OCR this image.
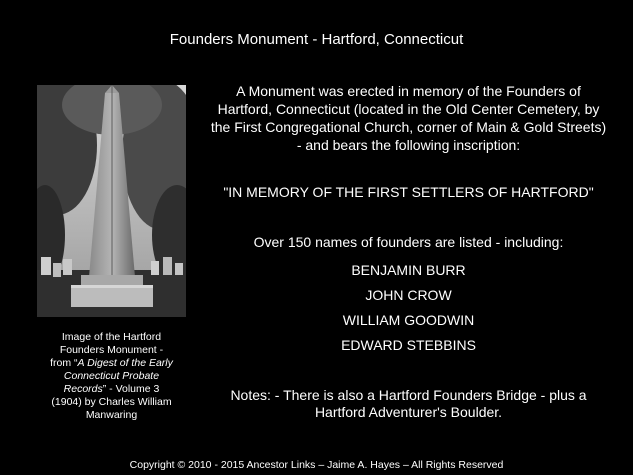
Founders Monument - Hartford, Connecticut
Image of the Hartford
Founders Monument -
from “A Digest of the Early
Connecticut Probate
Records” - Volume 3
(1904) by Charles William
Manwaring
A Monument was erected in memory of the Founders of
Hartford, Connecticut (located in the Old Center Cemetery, by
the First Congregational Church, corner of Main & Gold Streets)
- and bears the following inscription:
"IN MEMORY OF THE FIRST SETTLERS OF HARTFORD"
Over 150 names of founders are listed - including:
BENJAMIN BURR
JOHN CROW
WILLIAM GOODWIN
EDWARD STEBBINS
Notes: - There is also a Hartford Founders Bridge - plus a
Hartford Adventurer's Boulder.
Copyright © 2010 - 2015 Ancestor Links – Jaime A. Hayes – All Rights Reserved
